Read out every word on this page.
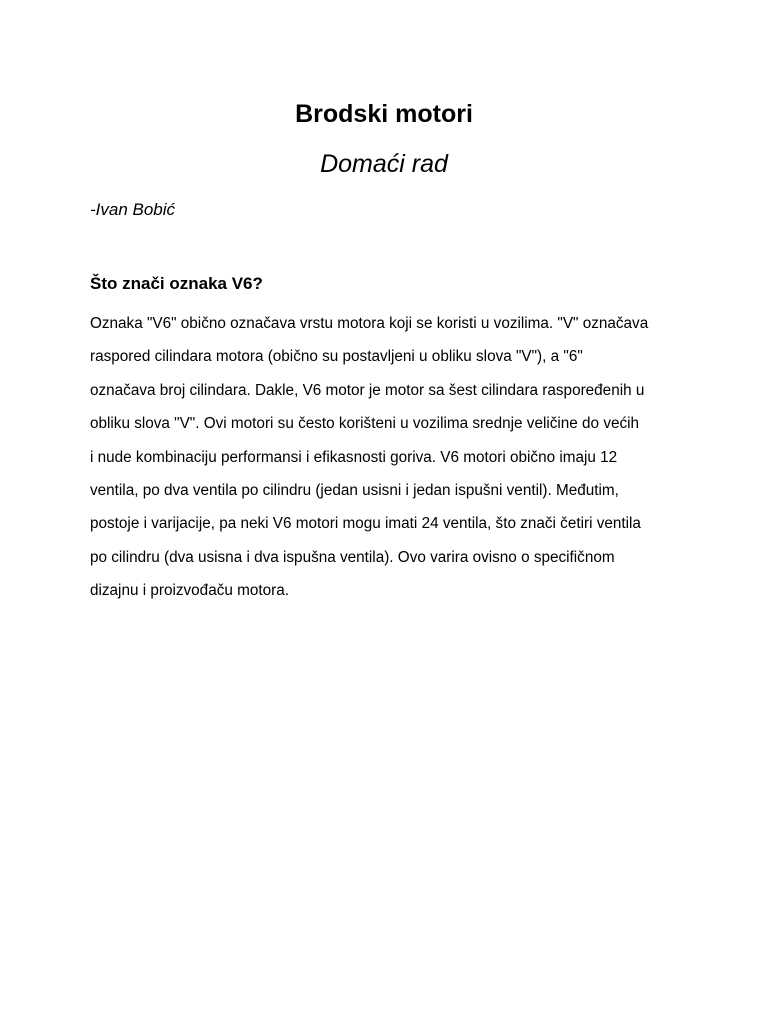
Brodski motori
Domaći rad
-Ivan Bobić
Što znači oznaka V6?
Oznaka "V6" obično označava vrstu motora koji se koristi u vozilima. "V" označava
raspored cilindara motora (obično su postavljeni u obliku slova "V"), a "6"
označava broj cilindara. Dakle, V6 motor je motor sa šest cilindara raspoređenih u
obliku slova "V". Ovi motori su često korišteni u vozilima srednje veličine do većih
i nude kombinaciju performansi i efikasnosti goriva. V6 motori obično imaju 12
ventila, po dva ventila po cilindru (jedan usisni i jedan ispušni ventil). Međutim,
postoje i varijacije, pa neki V6 motori mogu imati 24 ventila, što znači četiri ventila
po cilindru (dva usisna i dva ispušna ventila). Ovo varira ovisno o specifičnom
dizajnu i proizvođaču motora.
